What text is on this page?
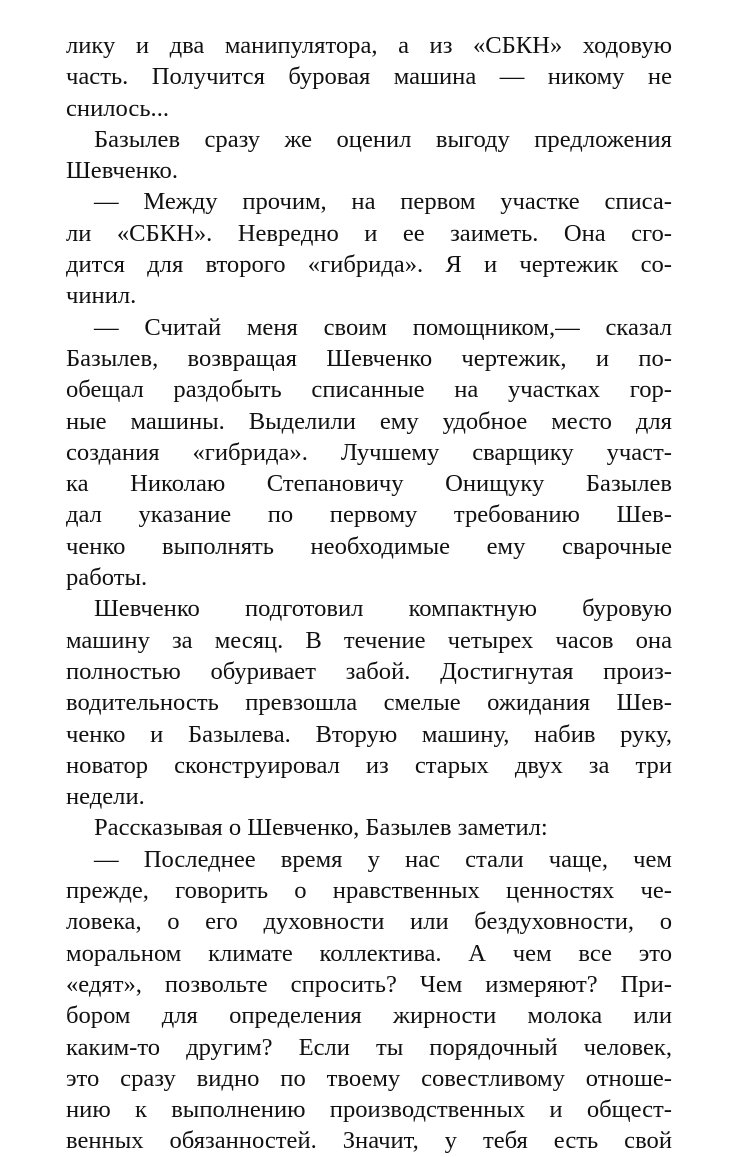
лику и два манипулятора, а из «СБКН» ходовую
часть. Получится буровая машина — никому не
снилось...

Базылев сразу же оценил выгоду предложения
Шевченко.

— Между прочим, на первом участке списа-
ли «СБКН». Невредно и ее заиметь. Она сго-
дится для второго «гибрида». Я и чертежик со-
чинил.

— Считай меня своим помощником,— сказал
Базылев, возвращая Шевченко чертежик, и по-
обещал раздобыть списанные на участках гор-
ные машины. Выделили ему удобное место для
создания «гибрида». Лучшему сварщику участ-
ка Николаю Степановичу Онищуку Базылев
дал указание по первому требованию Шев-
ченко выполнять необходимые ему сварочные
работы.

Шевченко подготовил компактную буровую
машину за месяц. В течение четырех часов она
полностью обуривает забой. Достигнутая произ-
водительность превзошла смелые ожидания Шев-
ченко и Базылева. Вторую машину, набив руку,
новатор сконструировал из старых двух за три
недели.

Рассказывая о Шевченко, Базылев заметил:

— Последнее время у нас стали чаще, чем
прежде, говорить о нравственных ценностях че-
ловека, о его духовности или бездуховности, о
моральном климате коллектива. А чем все это
«едят», позвольте спросить? Чем измеряют? При-
бором для определения жирности молока или
каким-то другим? Если ты порядочный человек,
это сразу видно по твоему совестливому отноше-
нию к выполнению производственных и общест-
венных обязанностей. Значит, у тебя есть свой
